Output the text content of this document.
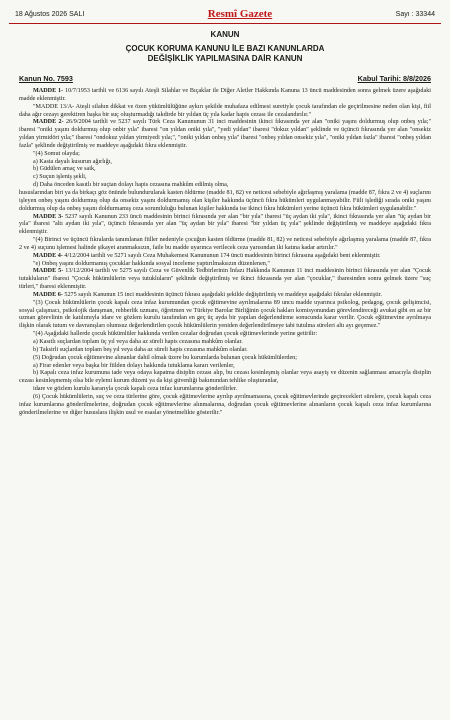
18 Ağustos 2026 SALI	Resmî Gazete	Sayı : 33344
KANUN
ÇOCUK KORUMA KANUNU İLE BAZI KANUNLARDA
DEĞİŞİKLİK YAPILMASINA DAİR KANUN
Kanun No. 7593	Kabul Tarihi: 8/8/2026

MADDE 1- 10/7/1953 tarihli ve 6136 sayılı Ateşli Silahlar ve Bıçaklar ile Diğer Aletler Hakkında Kanuna 13 üncü maddesinden sonra gelmek üzere aşağıdaki madde eklenmiştir.

"MADDE 13/A- Ateşli silahın dikkat ve özen yükümlülüğüne aykırı şekilde muhafaza edilmesi suretiyle çocuk tarafından ele geçirilmesine neden olan kişi, fiil daha ağır cezayı gerektiren başka bir suç oluşturmadığı takdirde bir yıldan üç yıla kadar hapis cezası ile cezalandırılır."

MADDE 2- 26/9/2004 tarihli ve 5237 sayılı Türk Ceza Kanununun 31 inci maddesinin ikinci fıkrasında yer alan "oniki yaşını doldurmuş olup onbeş yıla;" ibaresi "oniki yaşını doldurmuş olup onbir yıla" ibaresi "on yıldan oniki yıla", "yedi yıldan" ibaresi "dokuz yıldan" şeklinde ve üçüncü fıkrasında yer alan "onsekiz yıldan yirmidört yıla;" ibaresi "ondokuz yıldan yirmiyedi yıla;", "oniki yıldan onbeş yıla" ibaresi "onbeş yıldan onsekiz yıla", "oniki yıldan fazla" ibaresi "onbeş yıldan fazla" şeklinde değiştirilmiş ve maddeye aşağıdaki fıkra eklenmiştir.

"(4) Somut olayda;

a) Kasta dayalı kusurun ağırlığı,

b) Güdülen amaç ve saik,

c) Suçun işleniş şekli,

d) Daha önceden kasıtlı bir suçtan dolayı hapis cezasına mahkûm edilmiş olma,

hususlarından biri ya da birkaçı göz önünde bulundurularak kasten öldürme (madde 81, 82) ve neticesi sebebiyle ağırlaşmış yaralama (madde 87, fıkra 2 ve 4) suçlarını işleyen onbeş yaşını doldurmuş olup da onsekiz yaşını doldurmamış olan kişiler hakkında üçüncü fıkra hükümleri uygulanmayabilir. Fiili işlediği sırada oniki yaşını doldurmuş olup da onbeş yaşını doldurmamış ceza sorumluluğu bulunan kişiler hakkında ise ikinci fıkra hükümleri yerine üçüncü fıkra hükümleri uygulanabilir."

MADDE 3- 5237 sayılı Kanunun 233 üncü maddesinin birinci fıkrasında yer alan "bir yıla" ibaresi "üç aydan iki yıla", ikinci fıkrasında yer alan "üç aydan bir yıla" ibaresi "altı aydan iki yıla", üçüncü fıkrasında yer alan "üç aydan bir yıla" ibaresi "bir yıldan üç yıla" şeklinde değiştirilmiş ve maddeye aşağıdaki fıkra eklenmiştir.

"(4) Birinci ve üçüncü fıkralarda tanımlanan fiiller nedeniyle çocuğun kasten öldürme (madde 81, 82) ve neticesi sebebiyle ağırlaşmış yaralama (madde 87, fıkra 2 ve 4) suçunu işlemesi halinde şikayet aranmaksızın, faile bu madde uyarınca verilecek ceza yarısından iki katına kadar artırılır."

MADDE 4- 4/12/2004 tarihli ve 5271 sayılı Ceza Muhakemesi Kanununun 174 üncü maddesinin birinci fıkrasına aşağıdaki bent eklenmiştir.

"e) Onbeş yaşını doldurmamış çocuklar hakkında sosyal inceleme yaptırılmaksızın düzenlenen,"

MADDE 5- 13/12/2004 tarihli ve 5275 sayılı Ceza ve Güvenlik Tedbirlerinin İnfazı Hakkında Kanunun 11 inci maddesinin birinci fıkrasında yer alan "Çocuk tutukluların" ibaresi "Çocuk hükümlülerin veya tutukluların" şeklinde değiştirilmiş ve ikinci fıkrasında yer alan "çocuklar," ibaresinden sonra gelmek üzere "suç türleri," ibaresi eklenmiştir.

MADDE 6- 5275 sayılı Kanunun 15 inci maddesinin üçüncü fıkrası aşağıdaki şekilde değiştirilmiş ve maddeye aşağıdaki fıkralar eklenmiştir.

"(3) Çocuk hükümlülerin çocuk kapalı ceza infaz kurumundan çocuk eğitimevine ayrılmalarına 89 uncu madde uyarınca psikolog, pedagog, çocuk gelişimcisi, sosyal çalışmacı, psikolojik danışman, rehberlik uzmanı, öğretmen ve Türkiye Barolar Birliğinin çocuk hakları komisyonundan görevlendireceği avukat gibi en az bir uzman görevlinin de katılımıyla idare ve gözlem kurulu tarafından en geç üç ayda bir yapılan değerlendirme sonucunda karar verilir. Çocuk eğitimevine ayrılmaya ilişkin olarak tutum ve davranışları olumsuz değerlendirilen çocuk hükümlülerin yeniden değerlendirilmeye tabi tutulma süreleri altı ayı geçemez."

"(4) Aşağıdaki hallerde çocuk hükümlüler hakkında verilen cezalar doğrudan çocuk eğitimevlerinde yerine getirilir:

a) Kasıtlı suçlardan toplam üç yıl veya daha az süreli hapis cezasına mahkûm olanlar.

b) Taksirli suçlardan toplam beş yıl veya daha az süreli hapis cezasına mahkûm olanlar.

(5) Doğrudan çocuk eğitimevine alınanlar dahil olmak üzere bu kurumlarda bulunan çocuk hükümlülerden;

a) Firar edenler veya başka bir fiilden dolayı hakkında tutuklama kararı verilenler,

b) Kapalı ceza infaz kurumuna iade veya odaya kapatma disiplin cezası alıp, bu cezası kesinleşmiş olanlar veya asayiş ve düzenin sağlanması amacıyla disiplin cezası kesinleşmemiş olsa bile eylemi kurum düzeni ya da kişi güvenliği bakımından tehlike oluşturanlar,

idare ve gözlem kurulu kararıyla çocuk kapalı ceza infaz kurumlarına gönderilirler.

(6) Çocuk hükümlülerin, suç ve ceza türlerine göre, çocuk eğitimevlerine ayrılıp ayrılmamasına, çocuk eğitimevlerinde geçirecekleri sürelere, çocuk kapalı ceza infaz kurumlarına gönderilmelerine, doğrudan çocuk eğitimevlerine alınmalarına, doğrudan çocuk eğitimevlerine alınanların çocuk kapalı ceza infaz kurumlarına gönderilmelerine ve diğer hususlara ilişkin usul ve esaslar yönetmelikte gösterilir."
